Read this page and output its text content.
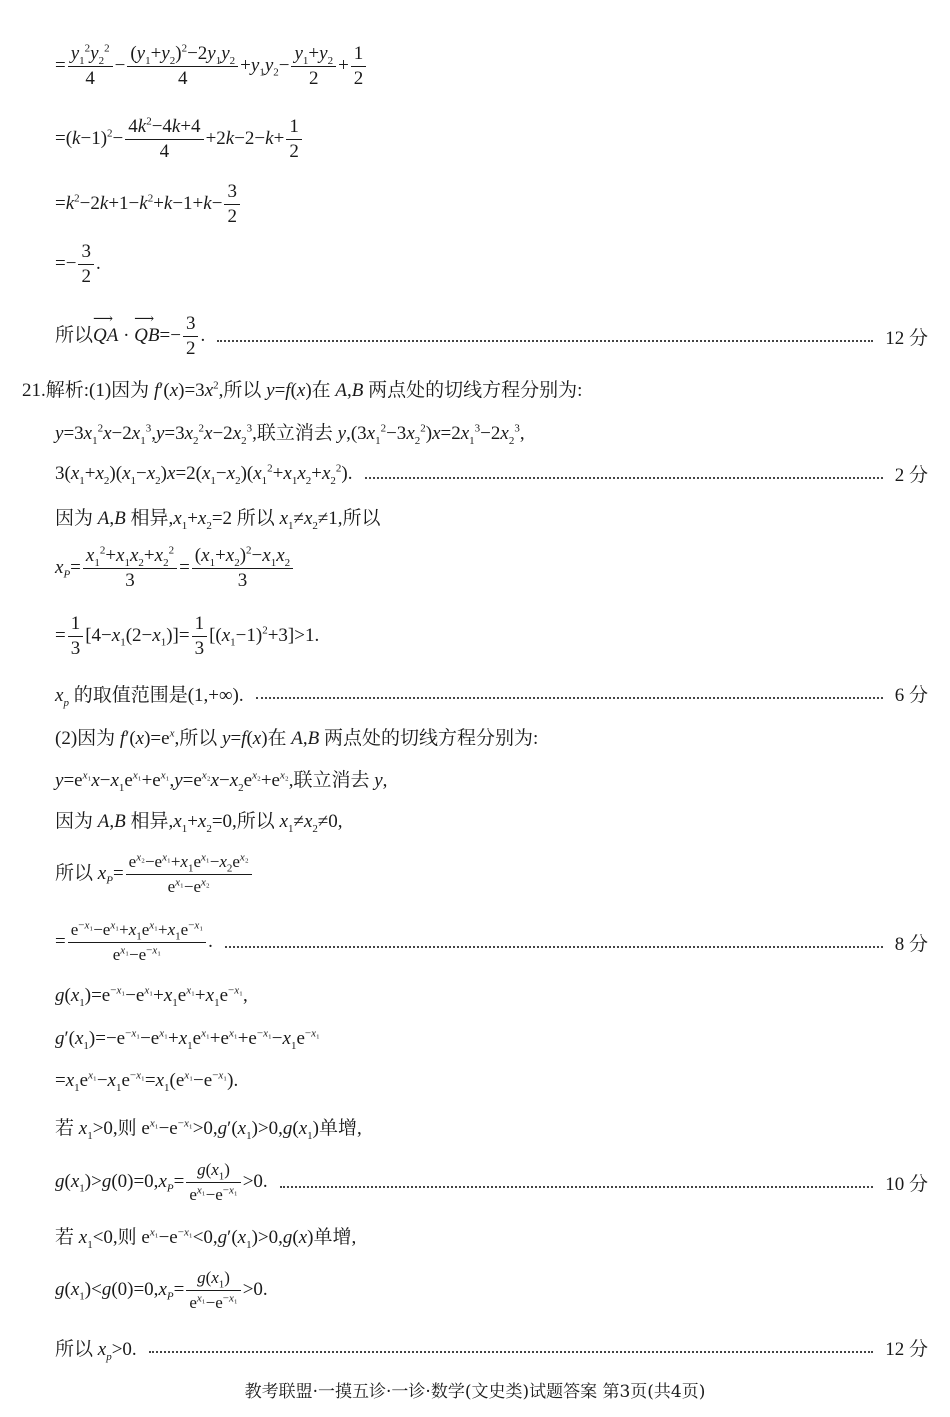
= $\frac{y_1^2y_2^2}{4} - \frac{(y_1+y_2)^2-2y_1y_2}{4} +y_1y_2- \frac{y_1+y_2}{2} + \frac{1}{2}$
$=(k-1)^2- \frac{4k^2-4k+4}{4} +2k-2-k+ \frac{1}{2}$
$=k^2-2k+1-k^2+k-1+k- \frac{3}{2}$
=− $\frac{3}{2}$ .
所以⟶ QA · ⟶ $QB=- \frac{3}{2}$ .	12 分
21.解析:(1)因为 $f'(x)=3x^2$,所以 y=f(x)在 A,B 两点处的切线方程分别为:
$y=3x_1^2x-2x_1^3,y=3x_2^2x-2x_2^3$,联立消去 $y,(3x_1^2-3x_2^2)x=2x_1^3-2x_2^3$,
$3(x_1+x_2)(x_1-x_2)x=2(x_1-x_2)(x_1^2+x_1x_2+x_2^2)$.	2 分
因为 A,B 相异$,x_1+x_2=2$ 所以 $x_1\ne x_2\ne 1$,所以
$x_P= \frac{x_1^2+x_1x_2+x_2^2}{3} = \frac{(x_1+x_2)^2-x_1x_2}{3}$
= $\frac{1}{3} [4-x_1(2-x_1)]= \frac{1}{3} [(x_1-1)^2+3]>1$.
$x_p$ 的取值范围是(1,+∞).	6 分
(2)因为 $f'(x)=e^x$,所以 y=f(x)在 A,B 两点处的切线方程分别为:
$y=e^{x_1}x-x_1e^{x_1}+e^{x_1},y=e^{x_2}x-x_2e^{x_2}+e^{x_2}$,联立消去 y,
因为 A,B 相异$,x_1+x_2=0$,所以 $x_1\ne x_2\ne 0$,
所以 $x_P= \frac{e^{x_2}-e^{x_1}+x_1e^{x_1}-x_2e^{x_2}}{e^{x_1}-e^{x_2}}$
= $\frac{e^{-x_1}-e^{x_1}+x_1e^{x_1}+x_1e^{-x_1}}{e^{x_1}-e^{-x_1}}$ .	8 分
$g(x_1)=e^{-x_1}-e^{x_1}+x_1e^{x_1}+x_1e^{-x_1}$,
$g'(x_1)=-e^{-x_1}-e^{x_1}+x_1e^{x_1}+e^{x_1}+e^{-x_1}-x_1e^{-x_1}$
$=x_1e^{x_1}-x_1e^{-x_1}=x_1(e^{x_1}-e^{-x_1})$.
若 $x_1>0$,则 $e^{x_1}-e^{-x_1}>0,g'(x_1)>0,g(x_1)$单增,
$g(x_1)>g(0)=0,x_P= \frac{g(x_1)}{e^{x_1}-e^{-x_1}} >0$.	10 分
若 $x_1<0$,则 $e^{x_1}-e^{-x_1}<0,g'(x_1)>0,g(x)$单增,
$g(x_1)<g(0)=0,x_P= \frac{g(x_1)}{e^{x_1}-e^{-x_1}} >0$.
所以 $x_p>0$.	12 分
教考联盟·一摸五诊·一诊·数学(文史类)试题答案 第3页(共4页)
